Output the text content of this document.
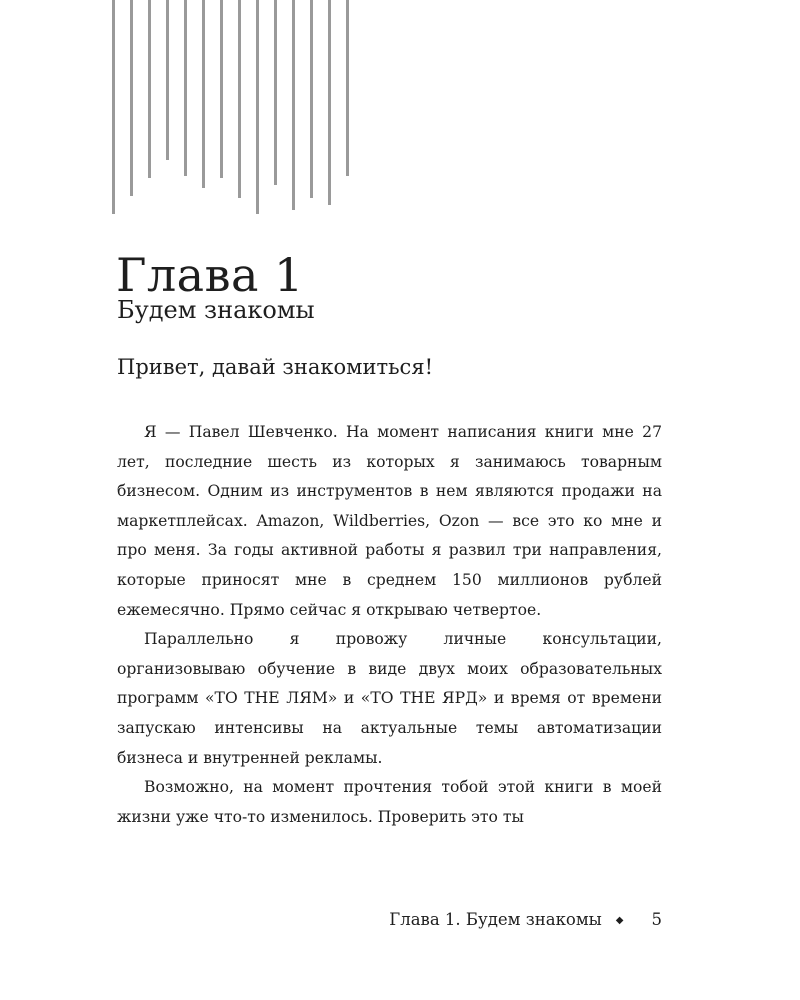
Глава 1
Будем знакомы
Привет, давай знакомиться!

Я — Павел Шевченко. На момент написания книги мне 27 лет, последние шесть из которых я занимаюсь товарным бизнесом. Одним из инструментов в нем являются продажи на маркетплейсах. Amazon, Wildberries, Ozon — все это ко мне и про меня. За годы активной работы я развил три направления, которые приносят мне в среднем 150 миллионов рублей ежемесячно. Прямо сейчас я открываю четвертое.

Параллельно я провожу личные консультации, организовываю обучение в виде двух моих образовательных программ «TO THE ЛЯМ» и «TO THE ЯРД» и время от времени запускаю интенсивы на актуальные темы автоматизации бизнеса и внутренней рекламы.

Возможно, на момент прочтения тобой этой книги в моей жизни уже что-то изменилось. Проверить это ты

Глава 1. Будем знакомы ◆ 5
